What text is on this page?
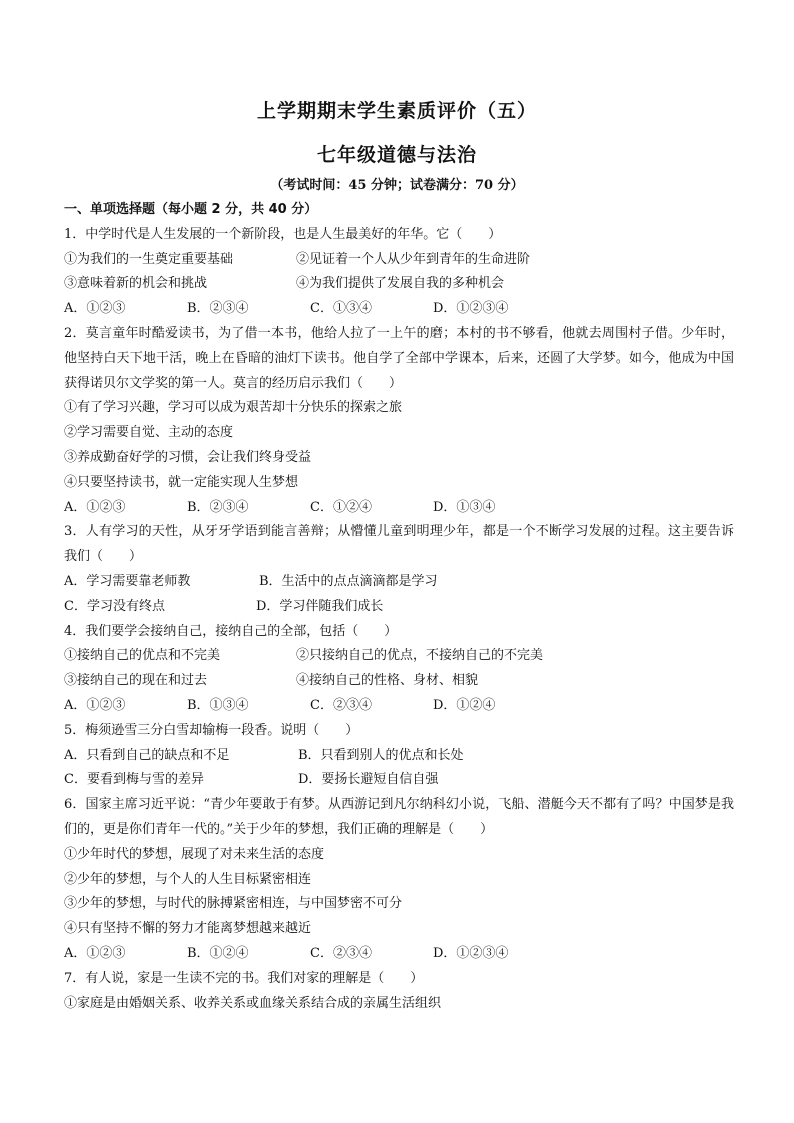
上学期期末学生素质评价（五）
七年级道德与法治
（考试时间：45 分钟；试卷满分：70 分）
一、单项选择题（每小题 2 分，共 40 分）
1．中学时代是人生发展的一个新阶段，也是人生最美好的年华。它（　　）
①为我们的一生奠定重要基础	②见证着一个人从少年到青年的生命进阶
③意味着新的机会和挑战	④为我们提供了发展自我的多种机会
A．①②③	B．②③④	C．①③④	D．①②③④
2．莫言童年时酷爱读书，为了借一本书，他给人拉了一上午的磨；本村的书不够看，他就去周围村子借。少年时，他坚持白天下地干活，晚上在昏暗的油灯下读书。他自学了全部中学课本，后来，还圆了大学梦。如今，他成为中国获得诺贝尔文学奖的第一人。莫言的经历启示我们（　　）
①有了学习兴趣，学习可以成为艰苦却十分快乐的探索之旅
②学习需要自觉、主动的态度
③养成勤奋好学的习惯，会让我们终身受益
④只要坚持读书，就一定能实现人生梦想
A．①②③	B．②③④	C．①②④	D．①③④
3．人有学习的天性，从牙牙学语到能言善辩；从懵懂儿童到明理少年，都是一个不断学习发展的过程。这主要告诉我们（　　）
A．学习需要靠老师教	B．生活中的点点滴滴都是学习
C．学习没有终点	D．学习伴随我们成长
4．我们要学会接纳自己，接纳自己的全部，包括（　　）
①接纳自己的优点和不完美	②只接纳自己的优点，不接纳自己的不完美
③接纳自己的现在和过去	④接纳自己的性格、身材、相貌
A．①②③	B．①③④	C．②③④	D．①②④
5．梅须逊雪三分白雪却输梅一段香。说明（　　）
A．只看到自己的缺点和不足	B．只看到别人的优点和长处
C．要看到梅与雪的差异	D．要扬长避短自信自强
6．国家主席习近平说：“青少年要敢于有梦。从西游记到凡尔纳科幻小说，飞船、潜艇今天不都有了吗？中国梦是我们的，更是你们青年一代的。”关于少年的梦想，我们正确的理解是（　　）
①少年时代的梦想，展现了对未来生活的态度
②少年的梦想，与个人的人生目标紧密相连
③少年的梦想，与时代的脉搏紧密相连，与中国梦密不可分
④只有坚持不懈的努力才能离梦想越来越近
A．①②③	B．①②④	C．②③④	D．①②③④
7．有人说，家是一生读不完的书。我们对家的理解是（　　）
①家庭是由婚姻关系、收养关系或血缘关系结合成的亲属生活组织
